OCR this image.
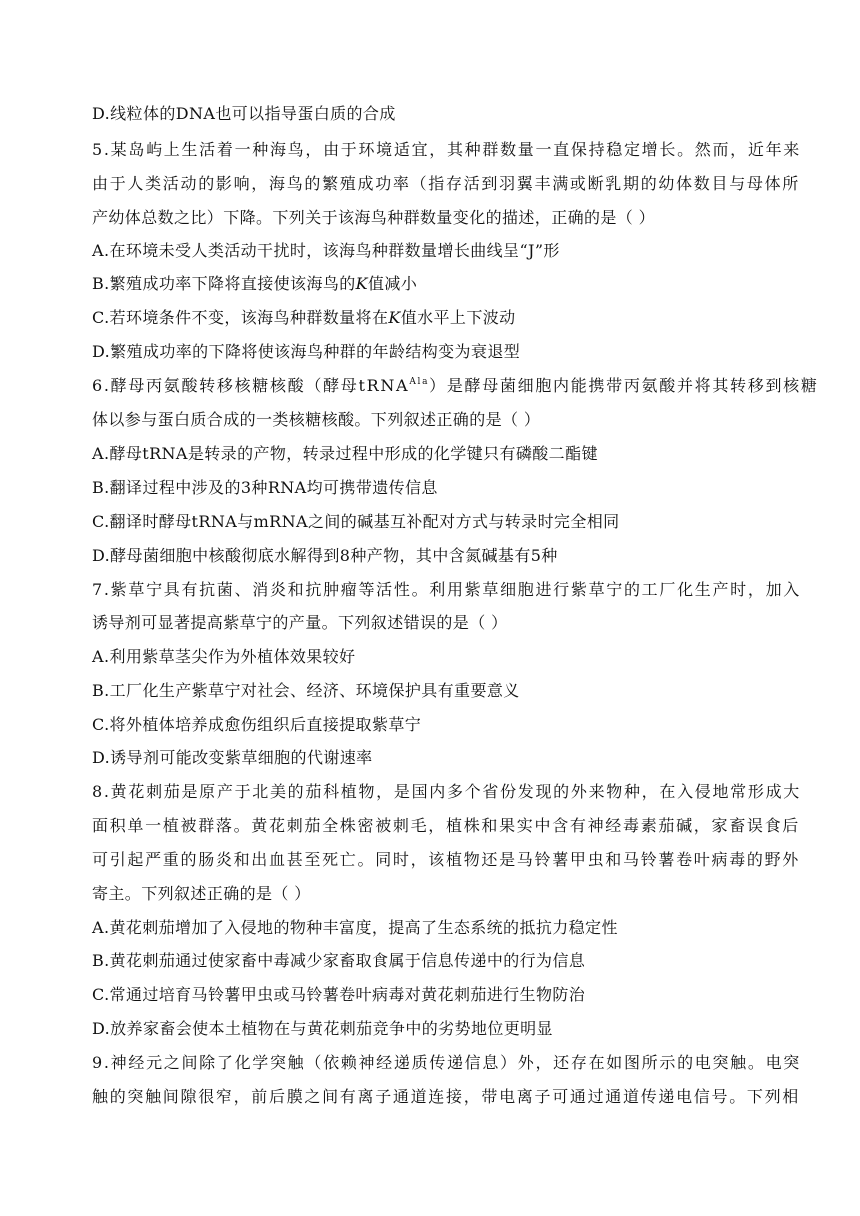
D.线粒体的DNA也可以指导蛋白质的合成
5.某岛屿上生活着一种海鸟，由于环境适宜，其种群数量一直保持稳定增长。然而，近年来
由于人类活动的影响，海鸟的繁殖成功率（指存活到羽翼丰满或断乳期的幼体数目与母体所
产幼体总数之比）下降。下列关于该海鸟种群数量变化的描述，正确的是（ ）
A.在环境未受人类活动干扰时，该海鸟种群数量增长曲线呈“J”形
B.繁殖成功率下降将直接使该海鸟的K值减小
C.若环境条件不变，该海鸟种群数量将在K值水平上下波动
D.繁殖成功率的下降将使该海鸟种群的年龄结构变为衰退型
6.酵母丙氨酸转移核糖核酸（酵母tRNA$^{Ala}$）是酵母菌细胞内能携带丙氨酸并将其转移到核糖
体以参与蛋白质合成的一类核糖核酸。下列叙述正确的是（ ）
A.酵母tRNA是转录的产物，转录过程中形成的化学键只有磷酸二酯键
B.翻译过程中涉及的3种RNA均可携带遗传信息
C.翻译时酵母tRNA与mRNA之间的碱基互补配对方式与转录时完全相同
D.酵母菌细胞中核酸彻底水解得到8种产物，其中含氮碱基有5种
7.紫草宁具有抗菌、消炎和抗肿瘤等活性。利用紫草细胞进行紫草宁的工厂化生产时，加入
诱导剂可显著提高紫草宁的产量。下列叙述错误的是（ ）
A.利用紫草茎尖作为外植体效果较好
B.工厂化生产紫草宁对社会、经济、环境保护具有重要意义
C.将外植体培养成愈伤组织后直接提取紫草宁
D.诱导剂可能改变紫草细胞的代谢速率
8.黄花刺茄是原产于北美的茄科植物，是国内多个省份发现的外来物种，在入侵地常形成大
面积单一植被群落。黄花刺茄全株密被刺毛，植株和果实中含有神经毒素茄碱，家畜误食后
可引起严重的肠炎和出血甚至死亡。同时，该植物还是马铃薯甲虫和马铃薯卷叶病毒的野外
寄主。下列叙述正确的是（ ）
A.黄花刺茄增加了入侵地的物种丰富度，提高了生态系统的抵抗力稳定性
B.黄花刺茄通过使家畜中毒减少家畜取食属于信息传递中的行为信息
C.常通过培育马铃薯甲虫或马铃薯卷叶病毒对黄花刺茄进行生物防治
D.放养家畜会使本土植物在与黄花刺茄竞争中的劣势地位更明显
9.神经元之间除了化学突触（依赖神经递质传递信息）外，还存在如图所示的电突触。电突
触的突触间隙很窄，前后膜之间有离子通道连接，带电离子可通过通道传递电信号。下列相
